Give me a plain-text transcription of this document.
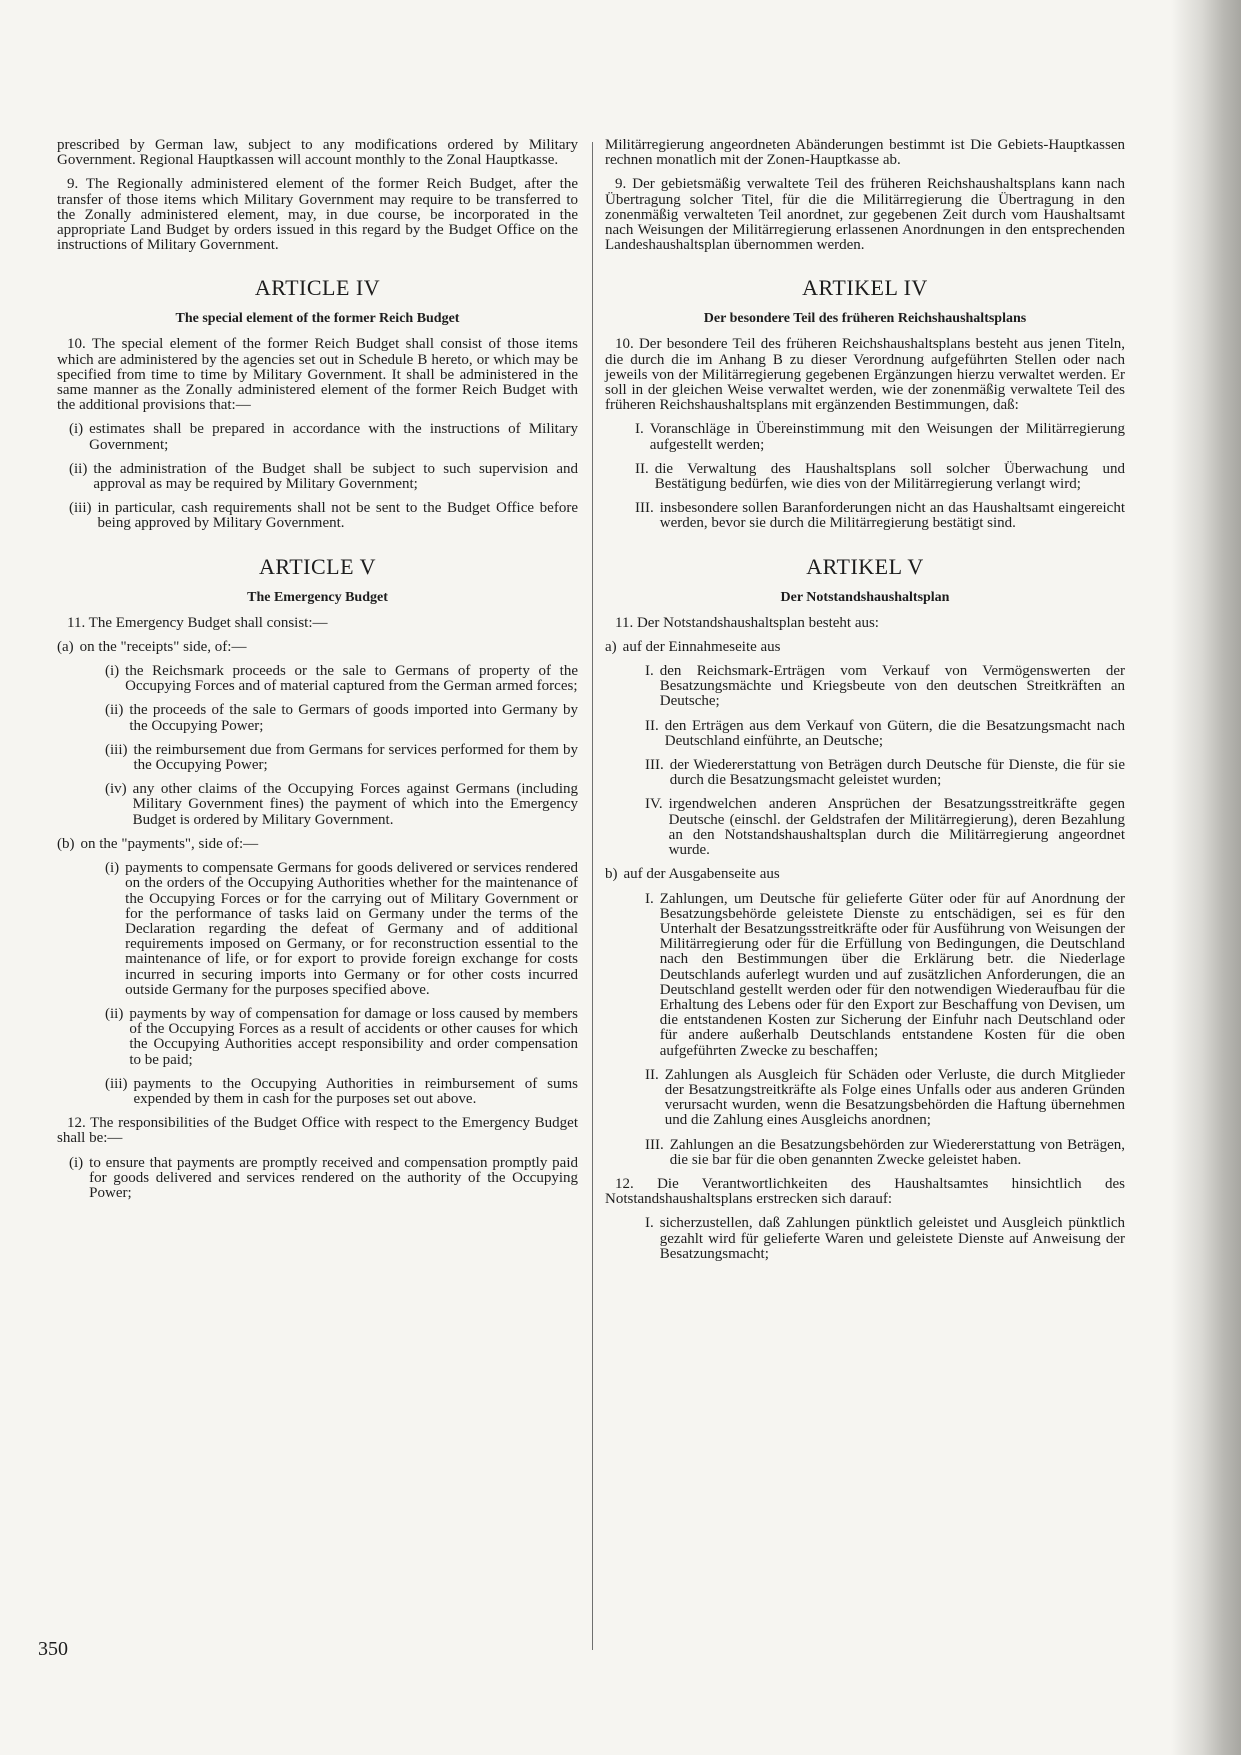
prescribed by German law, subject to any modifications ordered by Military Government. Regional Hauptkassen will account monthly to the Zonal Hauptkasse.

9. The Regionally administered element of the former Reich Budget, after the transfer of those items which Military Government may require to be transferred to the Zonally administered element, may, in due course, be incorporated in the appropriate Land Budget by orders issued in this regard by the Budget Office on the instructions of Military Government.

ARTICLE IV
The special element of the former Reich Budget

10. The special element of the former Reich Budget shall consist of those items which are administered by the agencies set out in Schedule B hereto, or which may be specified from time to time by Military Government. It shall be administered in the same manner as the Zonally administered element of the former Reich Budget with the additional provisions that:—

(i) estimates shall be prepared in accordance with the instructions of Military Government;
(ii) the administration of the Budget shall be subject to such supervision and approval as may be required by Military Government;
(iii) in particular, cash requirements shall not be sent to the Budget Office before being approved by Military Government.
ARTICLE V
The Emergency Budget

11. The Emergency Budget shall consist:—

(a) on the "receipts" side, of:—
(i) the Reichsmark proceeds or the sale to Germans of property of the Occupying Forces and of material captured from the German armed forces;
(ii) the proceeds of the sale to Germars of goods imported into Germany by the Occupying Power;
(iii) the reimbursement due from Germans for services performed for them by the Occupying Power;
(iv) any other claims of the Occupying Forces against Germans (including Military Government fines) the payment of which into the Emergency Budget is ordered by Military Government.
(b) on the "payments", side of:—
(i) payments to compensate Germans for goods delivered or services rendered on the orders of the Occupying Authorities whether for the maintenance of the Occupying Forces or for the carrying out of Military Government or for the performance of tasks laid on Germany under the terms of the Declaration regarding the defeat of Germany and of additional requirements imposed on Germany, or for reconstruction essential to the maintenance of life, or for export to provide foreign exchange for costs incurred in securing imports into Germany or for other costs incurred outside Germany for the purposes specified above.
(ii) payments by way of compensation for damage or loss caused by members of the Occupying Forces as a result of accidents or other causes for which the Occupying Authorities accept responsibility and order compensation to be paid;
(iii) payments to the Occupying Authorities in reimbursement of sums expended by them in cash for the purposes set out above.

12. The responsibilities of the Budget Office with respect to the Emergency Budget shall be:—

(i) to ensure that payments are promptly received and compensation promptly paid for goods delivered and services rendered on the authority of the Occupying Power;

Militärregierung angeordneten Abänderungen bestimmt ist Die Gebiets-Hauptkassen rechnen monatlich mit der Zonen-Hauptkasse ab.

9. Der gebietsmäßig verwaltete Teil des früheren Reichshaushaltsplans kann nach Übertragung solcher Titel, für die die Militärregierung die Übertragung in den zonenmäßig verwalteten Teil anordnet, zur gegebenen Zeit durch vom Haushaltsamt nach Weisungen der Militärregierung erlassenen Anordnungen in den entsprechenden Landeshaushaltsplan übernommen werden.

ARTIKEL IV
Der besondere Teil des früheren Reichshaushaltsplans

10. Der besondere Teil des früheren Reichshaushaltsplans besteht aus jenen Titeln, die durch die im Anhang B zu dieser Verordnung aufgeführten Stellen oder nach jeweils von der Militärregierung gegebenen Ergänzungen hierzu verwaltet werden. Er soll in der gleichen Weise verwaltet werden, wie der zonenmäßig verwaltete Teil des früheren Reichshaushaltsplans mit ergänzenden Bestimmungen, daß:

I. Voranschläge in Übereinstimmung mit den Weisungen der Militärregierung aufgestellt werden;
II. die Verwaltung des Haushaltsplans soll solcher Überwachung und Bestätigung bedürfen, wie dies von der Militärregierung verlangt wird;
III. insbesondere sollen Baranforderungen nicht an das Haushaltsamt eingereicht werden, bevor sie durch die Militärregierung bestätigt sind.
ARTIKEL V
Der Notstandshaushaltsplan

11. Der Notstandshaushaltsplan besteht aus:

a) auf der Einnahmeseite aus
I. den Reichsmark-Erträgen vom Verkauf von Vermögenswerten der Besatzungsmächte und Kriegsbeute von den deutschen Streitkräften an Deutsche;
II. den Erträgen aus dem Verkauf von Gütern, die die Besatzungsmacht nach Deutschland einführte, an Deutsche;
III. der Wiedererstattung von Beträgen durch Deutsche für Dienste, die für sie durch die Besatzungsmacht geleistet wurden;
IV. irgendwelchen anderen Ansprüchen der Besatzungsstreitkräfte gegen Deutsche (einschl. der Geldstrafen der Militärregierung), deren Bezahlung an den Notstandshaushaltsplan durch die Militärregierung angeordnet wurde.
b) auf der Ausgabenseite aus
I. Zahlungen, um Deutsche für gelieferte Güter oder für auf Anordnung der Besatzungsbehörde geleistete Dienste zu entschädigen, sei es für den Unterhalt der Besatzungsstreitkräfte oder für Ausführung von Weisungen der Militärregierung oder für die Erfüllung von Bedingungen, die Deutschland nach den Bestimmungen über die Erklärung betr. die Niederlage Deutschlands auferlegt wurden und auf zusätzlichen Anforderungen, die an Deutschland gestellt werden oder für den notwendigen Wiederaufbau für die Erhaltung des Lebens oder für den Export zur Beschaffung von Devisen, um die entstandenen Kosten zur Sicherung der Einfuhr nach Deutschland oder für andere außerhalb Deutschlands entstandene Kosten für die oben aufgeführten Zwecke zu beschaffen;
II. Zahlungen als Ausgleich für Schäden oder Verluste, die durch Mitglieder der Besatzungstreitkräfte als Folge eines Unfalls oder aus anderen Gründen verursacht wurden, wenn die Besatzungsbehörden die Haftung übernehmen und die Zahlung eines Ausgleichs anordnen;
III. Zahlungen an die Besatzungsbehörden zur Wiedererstattung von Beträgen, die sie bar für die oben genannten Zwecke geleistet haben.

12. Die Verantwortlichkeiten des Haushaltsamtes hinsichtlich des Notstandshaushaltsplans erstrecken sich darauf:

I. sicherzustellen, daß Zahlungen pünktlich geleistet und Ausgleich pünktlich gezahlt wird für gelieferte Waren und geleistete Dienste auf Anweisung der Besatzungsmacht;
350
